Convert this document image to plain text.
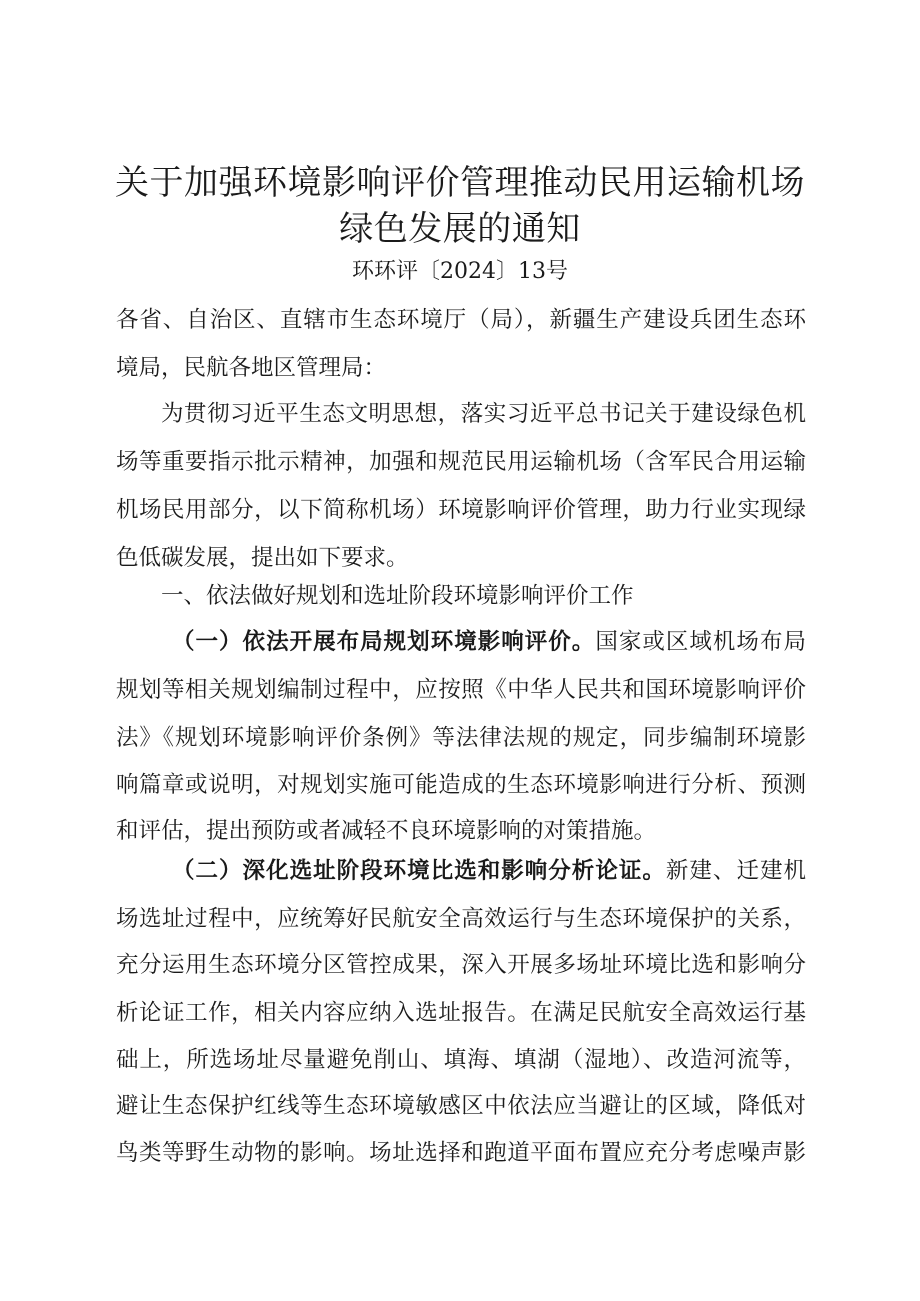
关于加强环境影响评价管理推动民用运输机场
绿色发展的通知
环环评〔2024〕13号
各省、自治区、直辖市生态环境厅（局），新疆生产建设兵团生态环
境局，民航各地区管理局：
为贯彻习近平生态文明思想，落实习近平总书记关于建设绿色机
场等重要指示批示精神，加强和规范民用运输机场（含军民合用运输
机场民用部分，以下简称机场）环境影响评价管理，助力行业实现绿
色低碳发展，提出如下要求。
一、依法做好规划和选址阶段环境影响评价工作
（一）依法开展布局规划环境影响评价。国家或区域机场布局
规划等相关规划编制过程中，应按照《中华人民共和国环境影响评价
法》《规划环境影响评价条例》等法律法规的规定，同步编制环境影
响篇章或说明，对规划实施可能造成的生态环境影响进行分析、预测
和评估，提出预防或者减轻不良环境影响的对策措施。
（二）深化选址阶段环境比选和影响分析论证。新建、迁建机
场选址过程中，应统筹好民航安全高效运行与生态环境保护的关系，
充分运用生态环境分区管控成果，深入开展多场址环境比选和影响分
析论证工作，相关内容应纳入选址报告。在满足民航安全高效运行基
础上，所选场址尽量避免削山、填海、填湖（湿地）、改造河流等，
避让生态保护红线等生态环境敏感区中依法应当避让的区域，降低对
鸟类等野生动物的影响。场址选择和跑道平面布置应充分考虑噪声影
